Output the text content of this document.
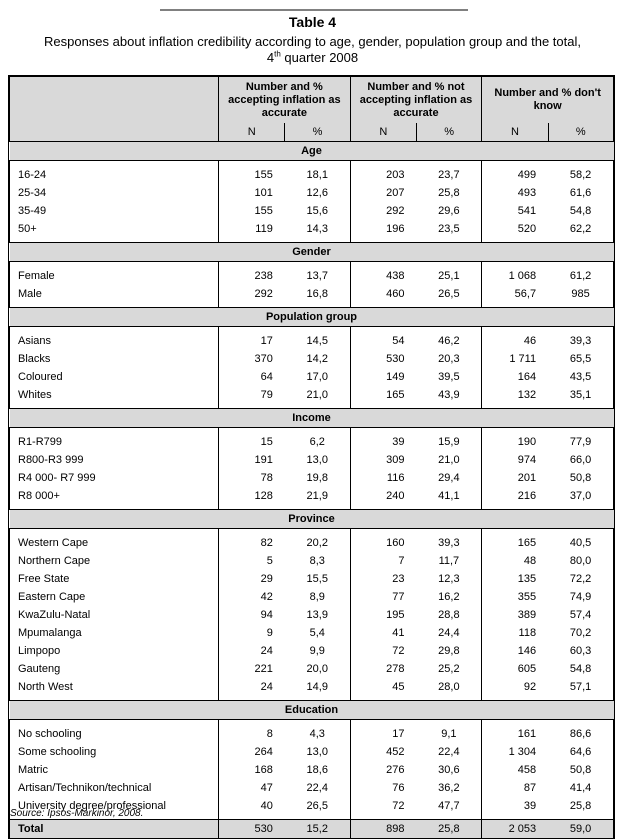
Table 4
Responses about inflation credibility according to age, gender, population group and the total,
4th quarter 2008
	Number and % accepting inflation as accurate		Number and % not accepting inflation as accurate		Number and % don't know	
	N	%	N	%	N	%
Age						
16-24	155	18,1	203	23,7	499	58,2
25-34	101	12,6	207	25,8	493	61,6
35-49	155	15,6	292	29,6	541	54,8
50+	119	14,3	196	23,5	520	62,2
Gender						
Female	238	13,7	438	25,1	1 068	61,2
Male	292	16,8	460	26,5	56,7	985
Population group						
Asians	17	14,5	54	46,2	46	39,3
Blacks	370	14,2	530	20,3	1 711	65,5
Coloured	64	17,0	149	39,5	164	43,5
Whites	79	21,0	165	43,9	132	35,1
Income						
R1-R799	15	6,2	39	15,9	190	77,9
R800-R3 999	191	13,0	309	21,0	974	66,0
R4 000- R7 999	78	19,8	116	29,4	201	50,8
R8 000+	128	21,9	240	41,1	216	37,0
Province						
Western Cape	82	20,2	160	39,3	165	40,5
Northern Cape	5	8,3	7	11,7	48	80,0
Free State	29	15,5	23	12,3	135	72,2
Eastern Cape	42	8,9	77	16,2	355	74,9
KwaZulu-Natal	94	13,9	195	28,8	389	57,4
Mpumalanga	9	5,4	41	24,4	118	70,2
Limpopo	24	9,9	72	29,8	146	60,3
Gauteng	221	20,0	278	25,2	605	54,8
North West	24	14,9	45	28,0	92	57,1
Education						
No schooling	8	4,3	17	9,1	161	86,6
Some schooling	264	13,0	452	22,4	1 304	64,6
Matric	168	18,6	276	30,6	458	50,8
Artisan/Technikon/technical	47	22,4	76	36,2	87	41,4
University degree/professional	40	26,5	72	47,7	39	25,8
Total	530	15,2	898	25,8	2 053	59,0
Source: Ipsos-Markinor, 2008.
